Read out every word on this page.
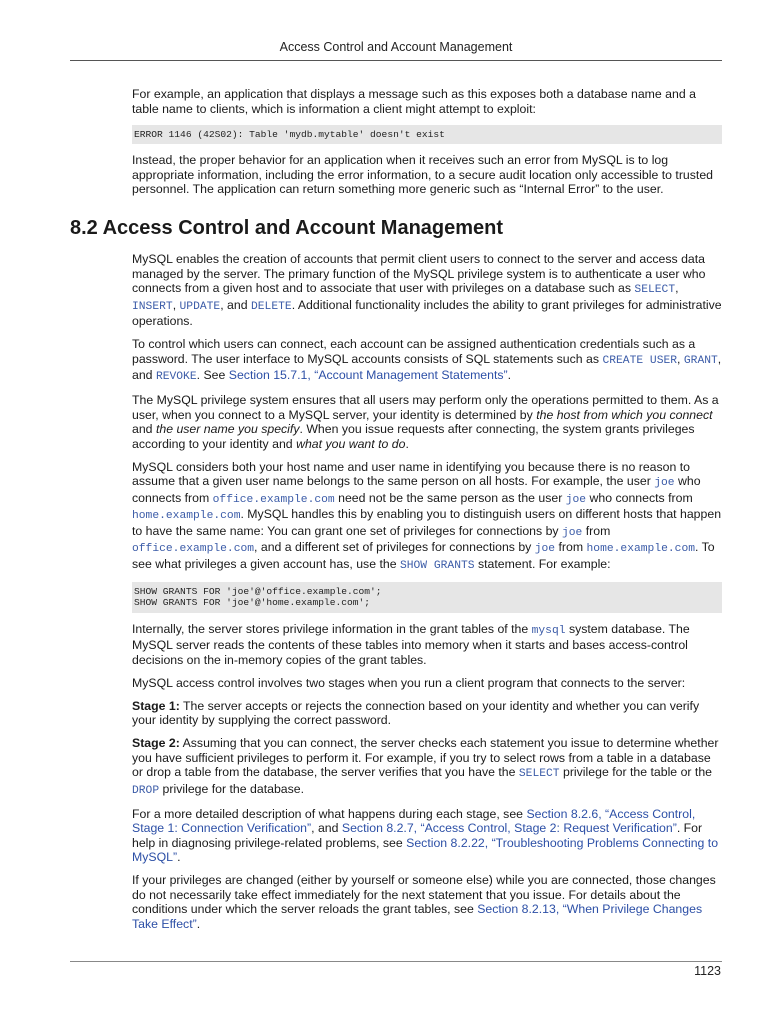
Access Control and Account Management
8.2 Access Control and Account Management

For example, an application that displays a message such as this exposes both a database name and a table name to clients, which is information a client might attempt to exploit:

ERROR 1146 (42S02): Table 'mydb.mytable' doesn't exist

Instead, the proper behavior for an application when it receives such an error from MySQL is to log appropriate information, including the error information, to a secure audit location only accessible to trusted personnel. The application can return something more generic such as “Internal Error” to the user.

MySQL enables the creation of accounts that permit client users to connect to the server and access data managed by the server. The primary function of the MySQL privilege system is to authenticate a user who connects from a given host and to associate that user with privileges on a database such as SELECT, INSERT, UPDATE, and DELETE. Additional functionality includes the ability to grant privileges for administrative operations.

To control which users can connect, each account can be assigned authentication credentials such as a password. The user interface to MySQL accounts consists of SQL statements such as CREATE USER, GRANT, and REVOKE. See Section 15.7.1, “Account Management Statements”.

The MySQL privilege system ensures that all users may perform only the operations permitted to them. As a user, when you connect to a MySQL server, your identity is determined by the host from which you connect and the user name you specify. When you issue requests after connecting, the system grants privileges according to your identity and what you want to do.

MySQL considers both your host name and user name in identifying you because there is no reason to assume that a given user name belongs to the same person on all hosts. For example, the user joe who connects from office.example.com need not be the same person as the user joe who connects from home.example.com. MySQL handles this by enabling you to distinguish users on different hosts that happen to have the same name: You can grant one set of privileges for connections by joe from office.example.com, and a different set of privileges for connections by joe from home.example.com. To see what privileges a given account has, use the SHOW GRANTS statement. For example:

SHOW GRANTS FOR 'joe'@'office.example.com';
SHOW GRANTS FOR 'joe'@'home.example.com';

Internally, the server stores privilege information in the grant tables of the mysql system database. The MySQL server reads the contents of these tables into memory when it starts and bases access-control decisions on the in-memory copies of the grant tables.

MySQL access control involves two stages when you run a client program that connects to the server:

Stage 1: The server accepts or rejects the connection based on your identity and whether you can verify your identity by supplying the correct password.

Stage 2: Assuming that you can connect, the server checks each statement you issue to determine whether you have sufficient privileges to perform it. For example, if you try to select rows from a table in a database or drop a table from the database, the server verifies that you have the SELECT privilege for the table or the DROP privilege for the database.

For a more detailed description of what happens during each stage, see Section 8.2.6, “Access Control, Stage 1: Connection Verification”, and Section 8.2.7, “Access Control, Stage 2: Request Verification”. For help in diagnosing privilege-related problems, see Section 8.2.22, “Troubleshooting Problems Connecting to MySQL”.

If your privileges are changed (either by yourself or someone else) while you are connected, those changes do not necessarily take effect immediately for the next statement that you issue. For details about the conditions under which the server reloads the grant tables, see Section 8.2.13, “When Privilege Changes Take Effect”.

1123
